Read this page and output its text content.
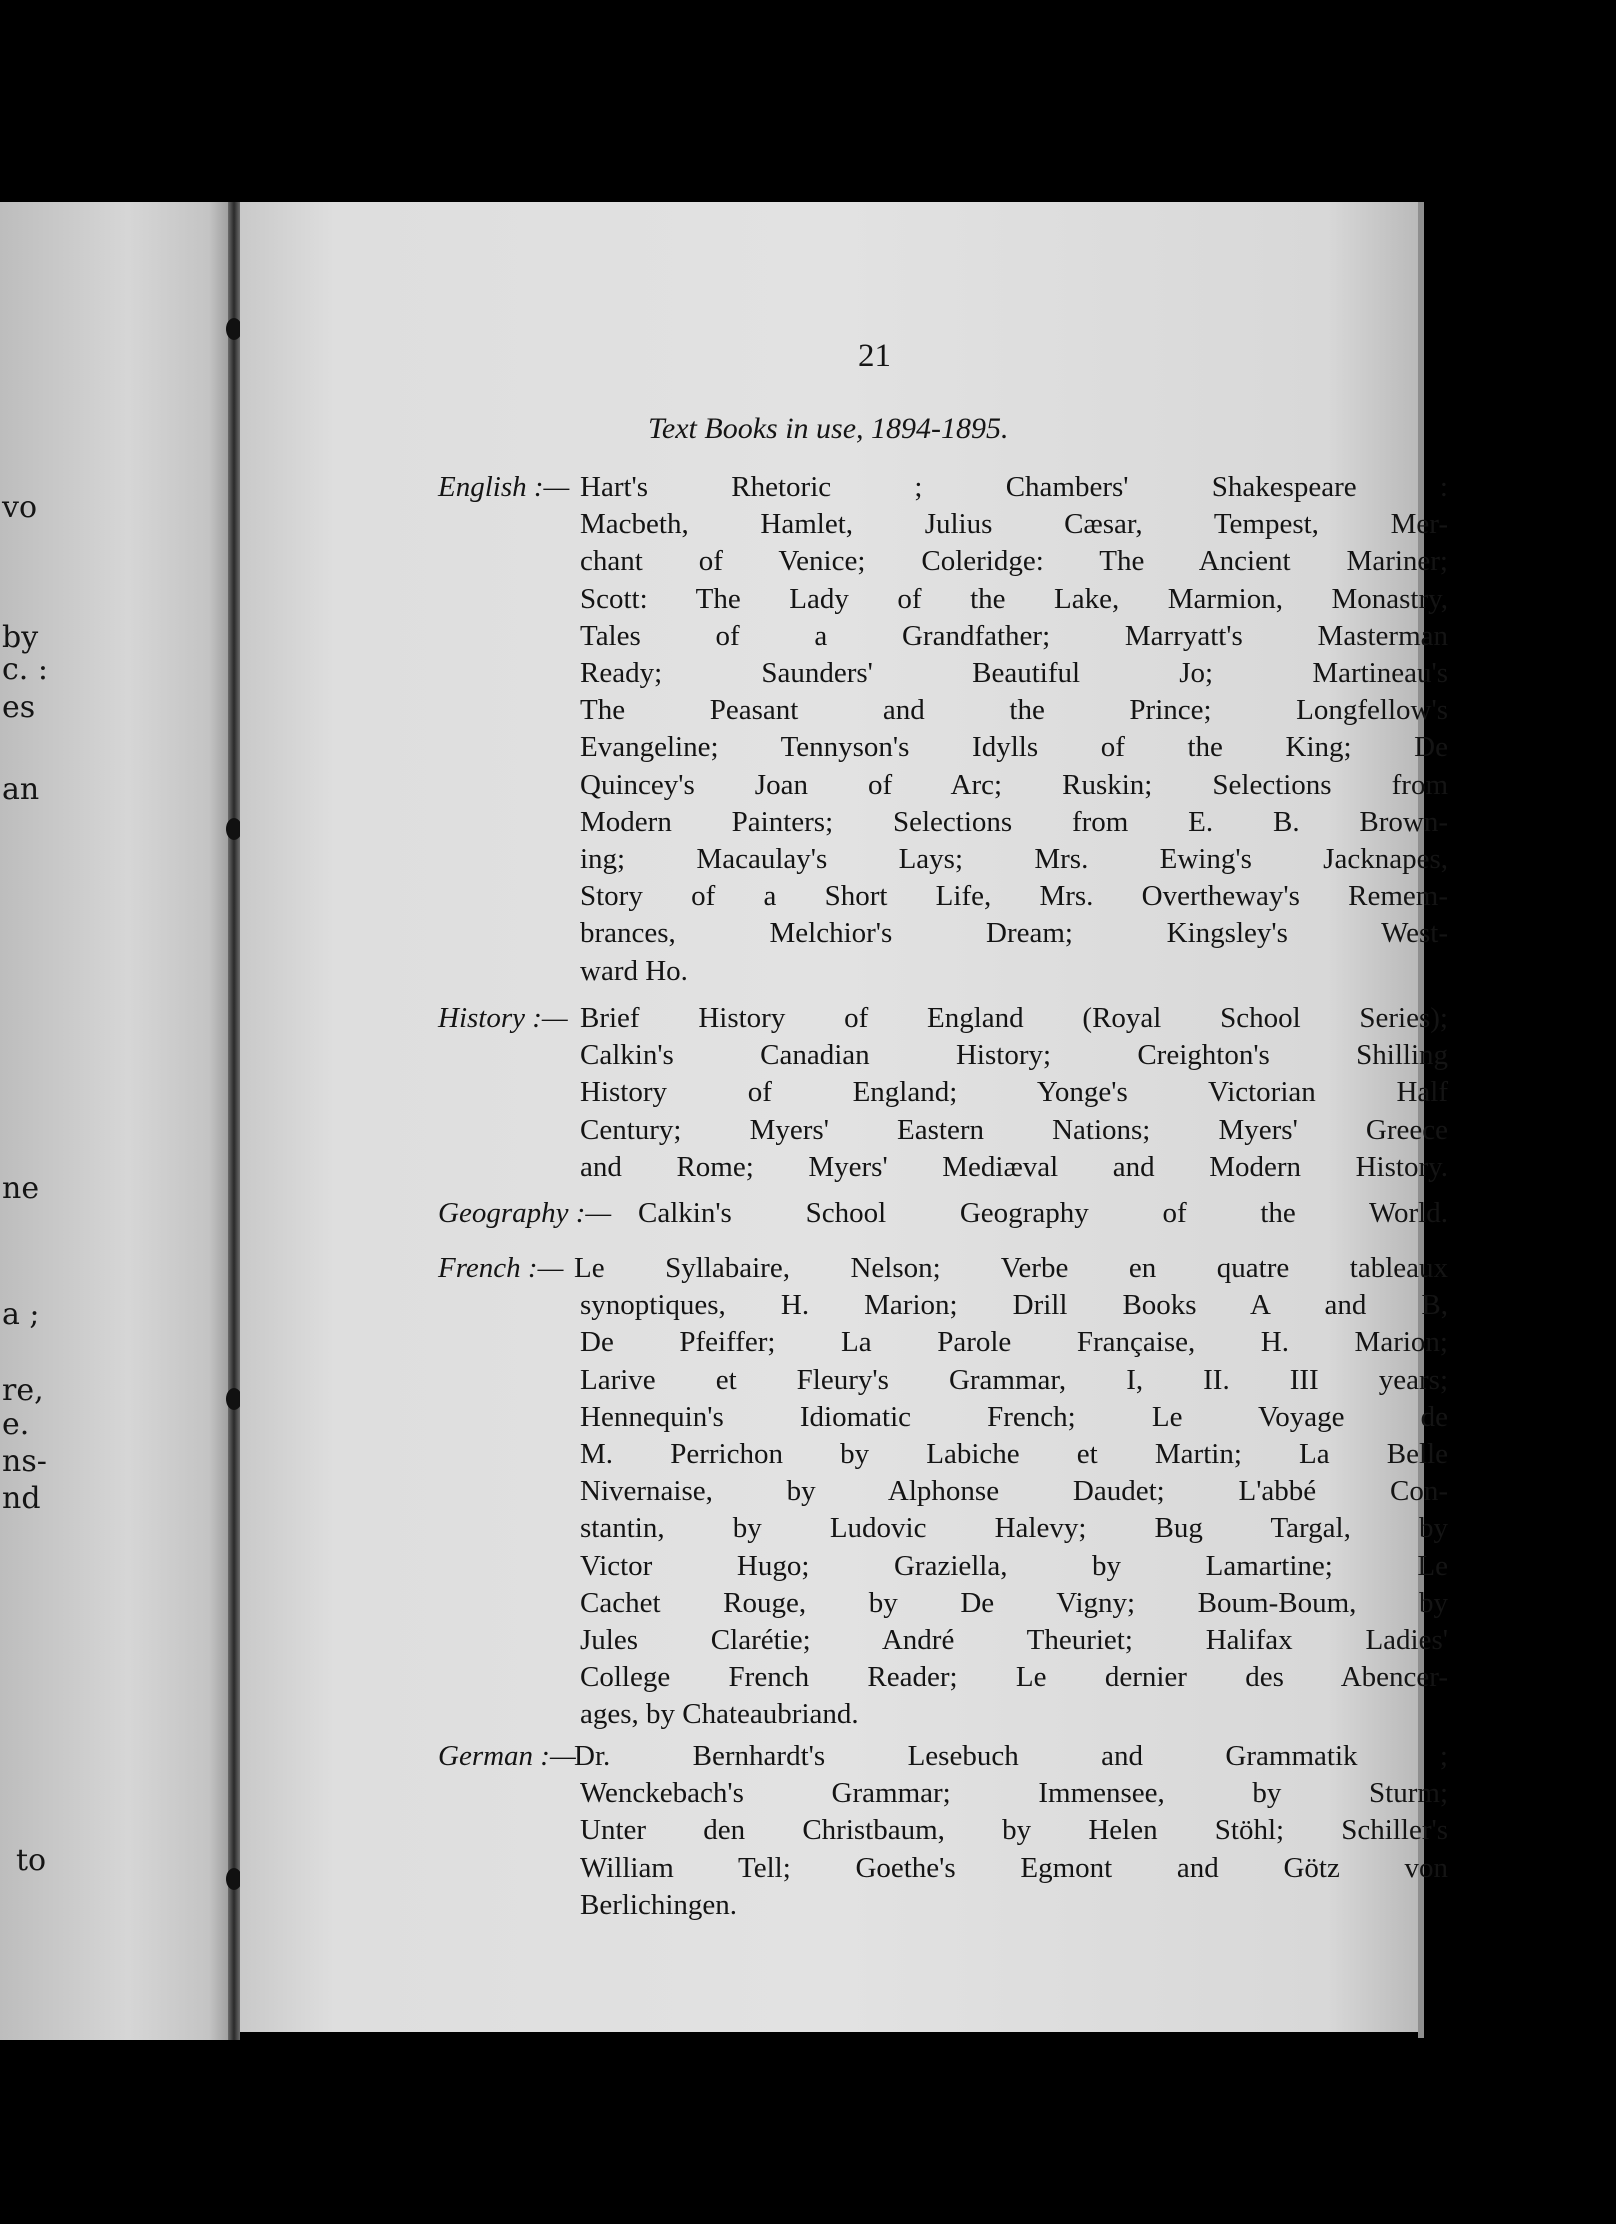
vo
by
c. :
es
an
ne
a ;
re,
e.
ns-
nd
to
21
Text Books in use, 1894-1895.
English :— Hart's Rhetoric ; Chambers' Shakespeare :
Macbeth, Hamlet, Julius Cæsar, Tempest, Mer-
chant of Venice; Coleridge: The Ancient Mariner;
Scott: The Lady of the Lake, Marmion, Monastry,
Tales of a Grandfather; Marryatt's Masterman
Ready; Saunders' Beautiful Jo; Martineau's
The Peasant and the Prince; Longfellow's
Evangeline; Tennyson's Idylls of the King; De
Quincey's Joan of Arc; Ruskin; Selections from
Modern Painters; Selections from E. B. Brown-
ing; Macaulay's Lays; Mrs. Ewing's Jacknapes,
Story of a Short Life, Mrs. Overtheway's Remem-
brances, Melchior's Dream; Kingsley's West-
ward Ho.
History :— Brief History of England (Royal School Series);
Calkin's Canadian History; Creighton's Shilling
History of England; Yonge's Victorian Half
Century; Myers' Eastern Nations; Myers' Greece
and Rome; Myers' Mediæval and Modern History.
Geography :— Calkin's School Geography of the World.
French :— Le Syllabaire, Nelson; Verbe en quatre tableaux
synoptiques, H. Marion; Drill Books A and B,
De Pfeiffer; La Parole Française, H. Marion;
Larive et Fleury's Grammar, I, II. III years;
Hennequin's Idiomatic French; Le Voyage de
M. Perrichon by Labiche et Martin; La Belle
Nivernaise, by Alphonse Daudet; L'abbé Con-
stantin, by Ludovic Halevy; Bug Targal, by
Victor Hugo; Graziella, by Lamartine; Le
Cachet Rouge, by De Vigny; Boum-Boum, by
Jules Clarétie; André Theuriet; Halifax Ladies'
College French Reader; Le dernier des Abencer-
ages, by Chateaubriand.
German :—
Dr. Bernhardt's Lesebuch and Grammatik ;
Wenckebach's Grammar; Immensee, by Sturm;
Unter den Christbaum, by Helen Stöhl; Schiller's
William Tell; Goethe's Egmont and Götz von
Berlichingen.
